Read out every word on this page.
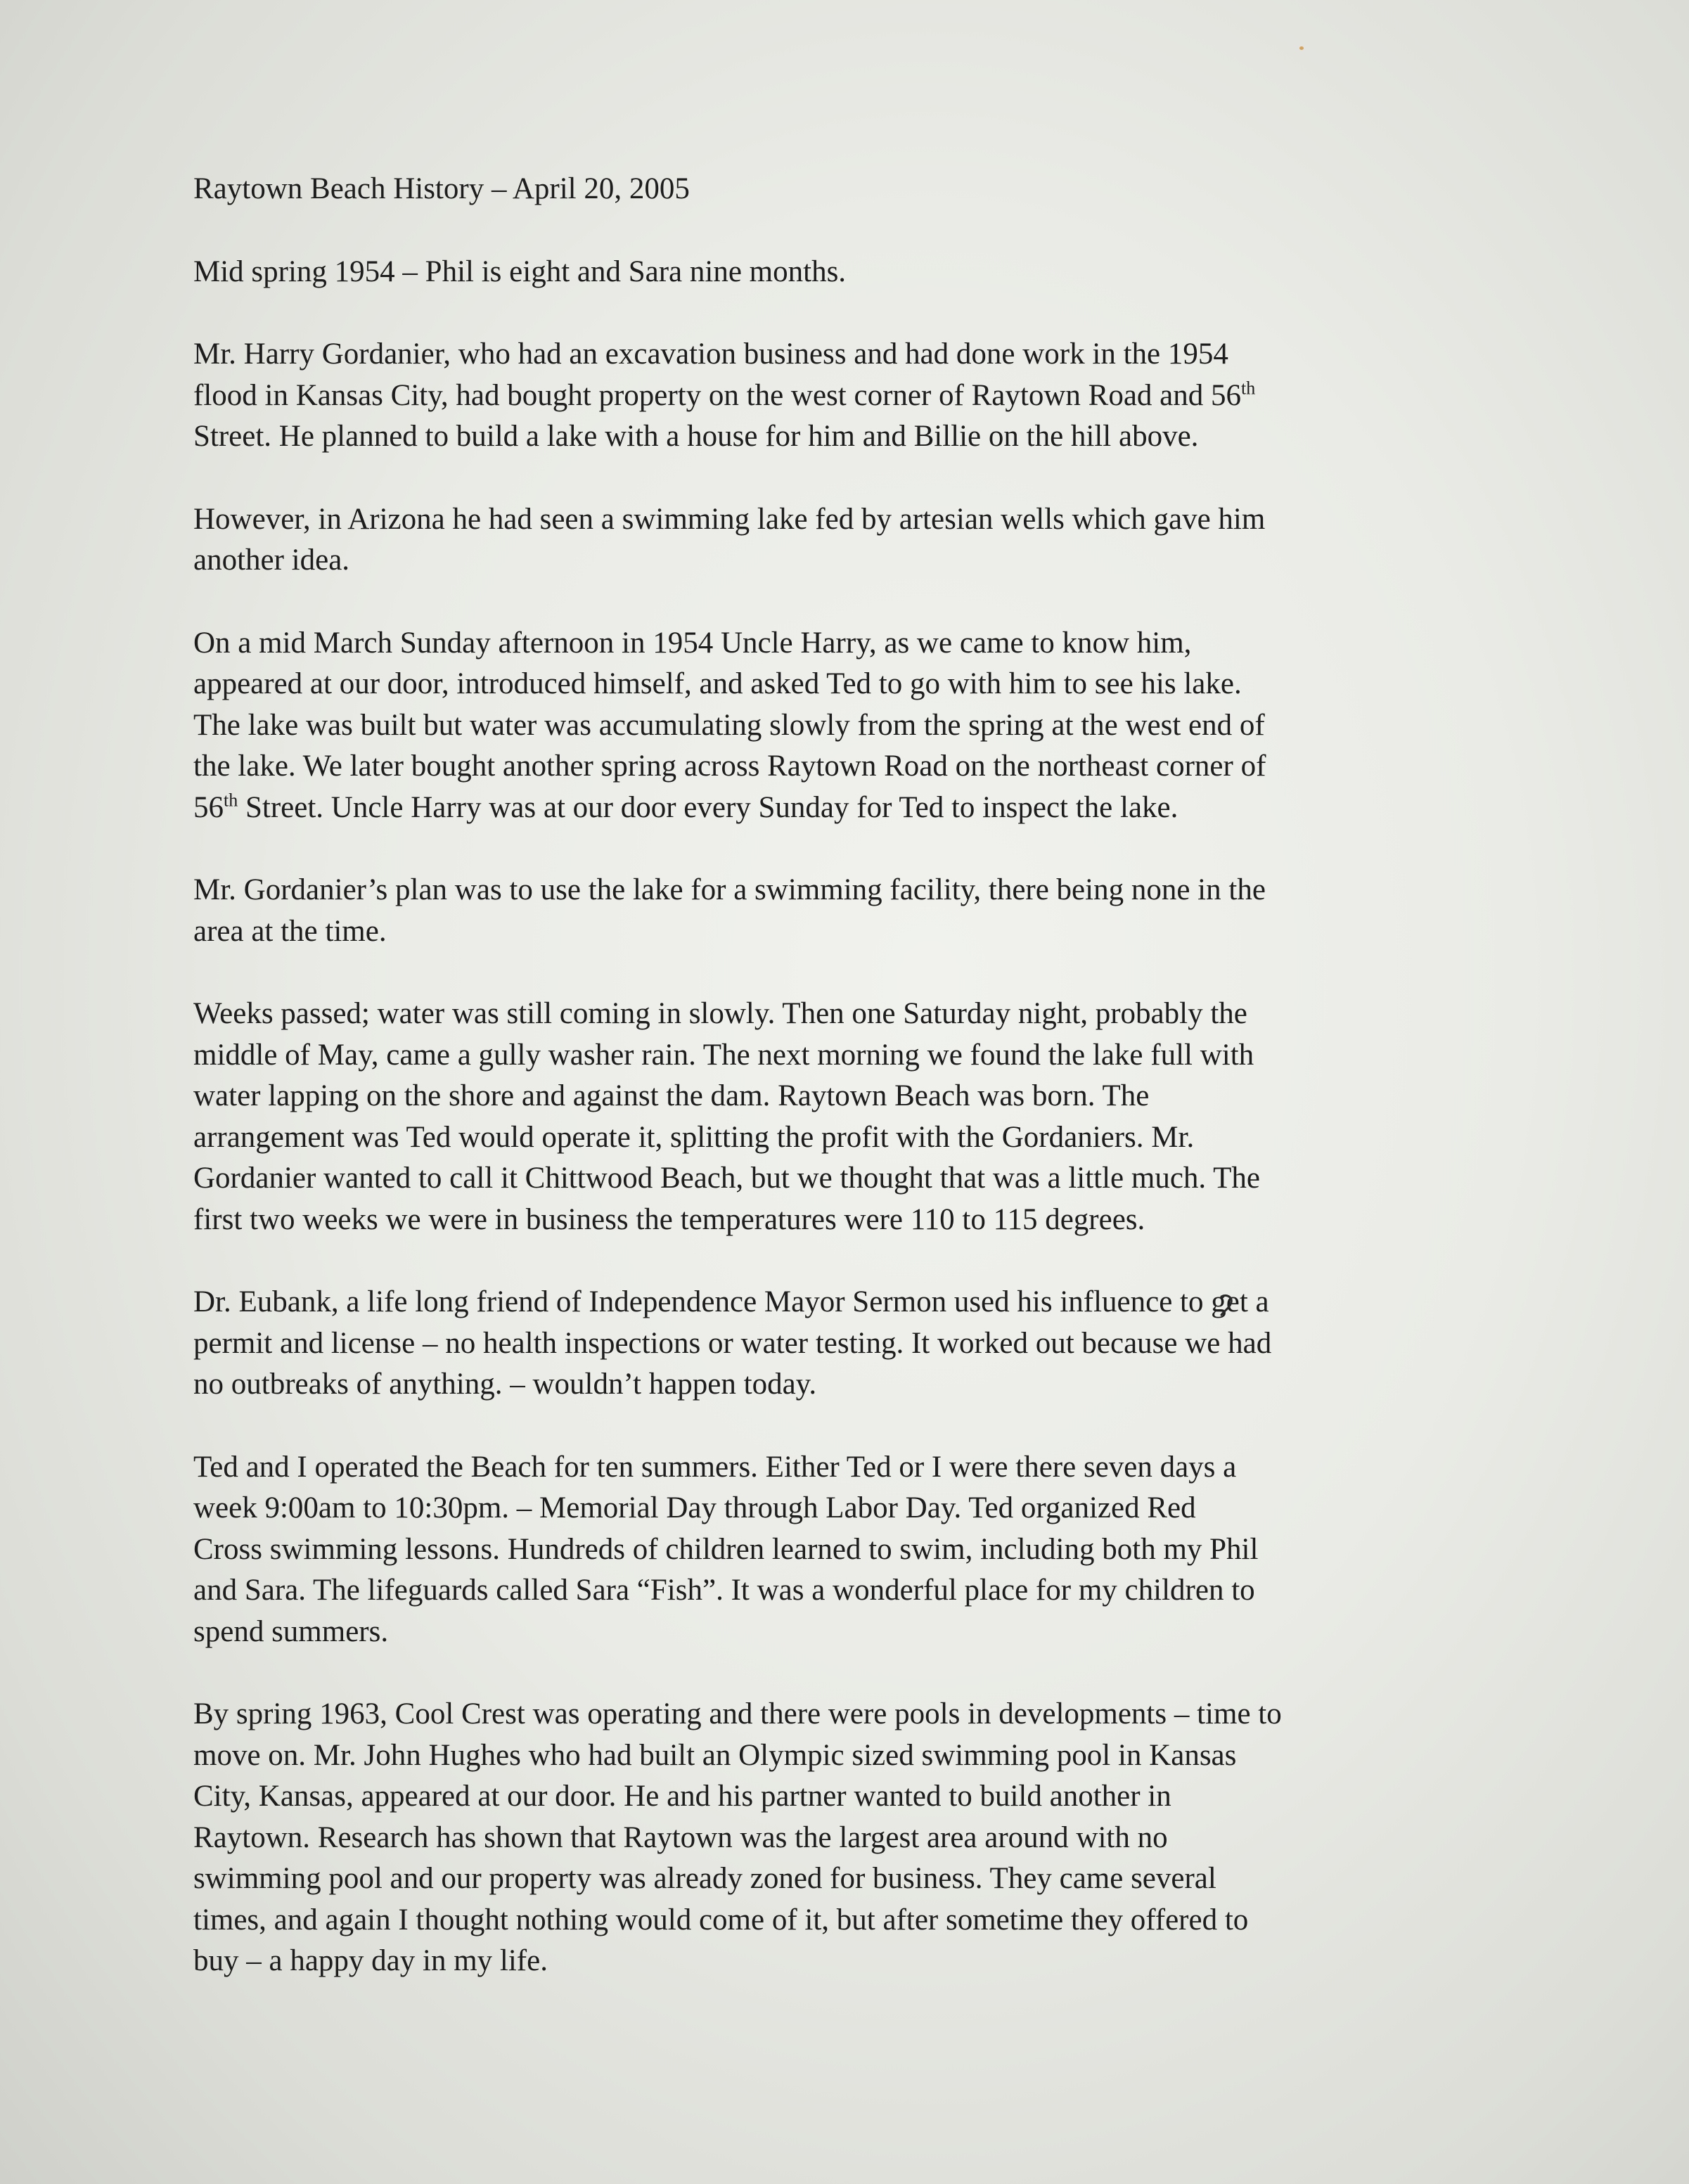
Raytown Beach History – April 20, 2005

Mid spring 1954 – Phil is eight and Sara nine months.

Mr. Harry Gordanier, who had an excavation business and had done work in the 1954
flood in Kansas City, had bought property on the west corner of Raytown Road and 56th
Street. He planned to build a lake with a house for him and Billie on the hill above.

However, in Arizona he had seen a swimming lake fed by artesian wells which gave him
another idea.

On a mid March Sunday afternoon in 1954 Uncle Harry, as we came to know him,
appeared at our door, introduced himself, and asked Ted to go with him to see his lake.
The lake was built but water was accumulating slowly from the spring at the west end of
the lake. We later bought another spring across Raytown Road on the northeast corner of
56th Street. Uncle Harry was at our door every Sunday for Ted to inspect the lake.

Mr. Gordanier’s plan was to use the lake for a swimming facility, there being none in the
area at the time.

Weeks passed; water was still coming in slowly. Then one Saturday night, probably the
middle of May, came a gully washer rain. The next morning we found the lake full with
water lapping on the shore and against the dam. Raytown Beach was born. The
arrangement was Ted would operate it, splitting the profit with the Gordaniers. Mr.
Gordanier wanted to call it Chittwood Beach, but we thought that was a little much. The
first two weeks we were in business the temperatures were 110 to 115 degrees.

Dr. Eubank, a life long friend of Independence Mayor Sermon used his influence to get a
permit and license – no health inspections or water testing. It worked out because we had
no outbreaks of anything. – wouldn’t happen today.

Ted and I operated the Beach for ten summers. Either Ted or I were there seven days a
week 9:00am to 10:30pm. – Memorial Day through Labor Day. Ted organized Red
Cross swimming lessons. Hundreds of children learned to swim, including both my Phil
and Sara. The lifeguards called Sara “Fish”. It was a wonderful place for my children to
spend summers.

By spring 1963, Cool Crest was operating and there were pools in developments – time to
move on. Mr. John Hughes who had built an Olympic sized swimming pool in Kansas
City, Kansas, appeared at our door. He and his partner wanted to build another in
Raytown. Research has shown that Raytown was the largest area around with no
swimming pool and our property was already zoned for business. They came several
times, and again I thought nothing would come of it, but after sometime they offered to
buy – a happy day in my life.
